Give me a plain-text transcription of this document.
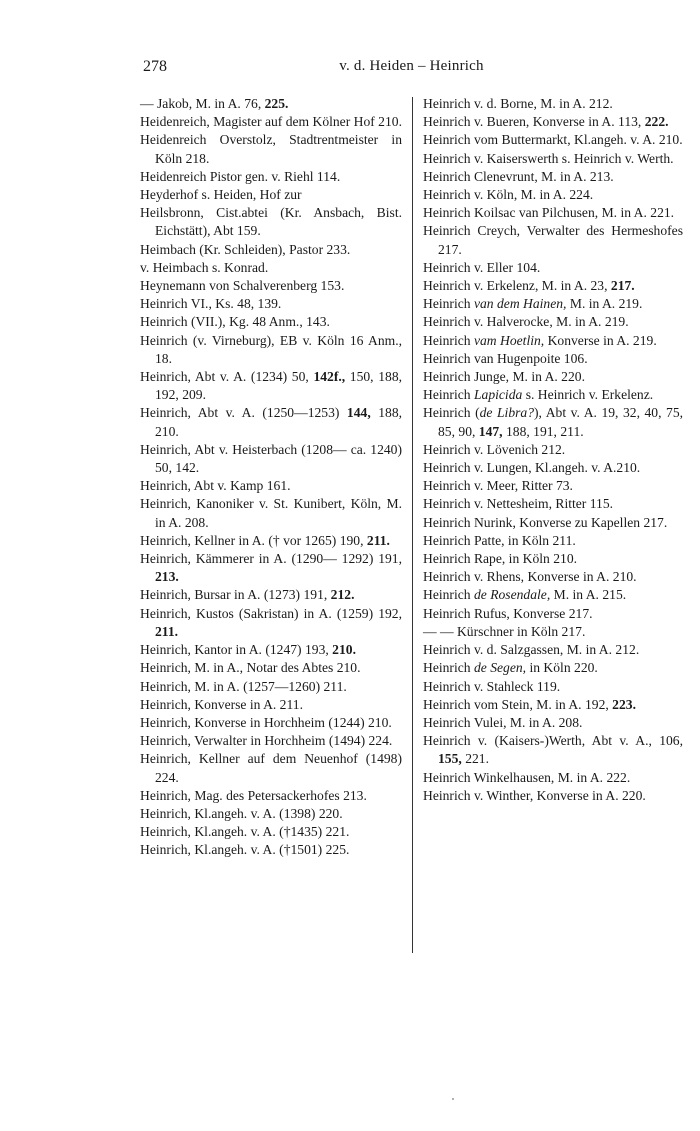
278	v. d. Heiden – Heinrich

— Jakob, M. in A. 76, 225.

Heidenreich, Magister auf dem Kölner Hof 210.

Heidenreich Overstolz, Stadtrentmeister in Köln 218.

Heidenreich Pistor gen. v. Riehl 114.

Heyderhof s. Heiden, Hof zur

Heilsbronn, Cist.abtei (Kr. Ansbach, Bist. Eichstätt), Abt 159.

Heimbach (Kr. Schleiden), Pastor 233.

v. Heimbach s. Konrad.

Heynemann von Schalverenberg 153.

Heinrich VI., Ks. 48, 139.

Heinrich (VII.), Kg. 48 Anm., 143.

Heinrich (v. Virneburg), EB v. Köln 16 Anm., 18.

Heinrich, Abt v. A. (1234) 50, 142f., 150, 188, 192, 209.

Heinrich, Abt v. A. (1250—1253) 144, 188, 210.

Heinrich, Abt v. Heisterbach (1208— ca. 1240) 50, 142.

Heinrich, Abt v. Kamp 161.

Heinrich, Kanoniker v. St. Kunibert, Köln, M. in A. 208.

Heinrich, Kellner in A. († vor 1265) 190, 211.

Heinrich, Kämmerer in A. (1290— 1292) 191, 213.

Heinrich, Bursar in A. (1273) 191, 212.

Heinrich, Kustos (Sakristan) in A. (1259) 192, 211.

Heinrich, Kantor in A. (1247) 193, 210.

Heinrich, M. in A., Notar des Abtes 210.

Heinrich, M. in A. (1257—1260) 211.

Heinrich, Konverse in A. 211.

Heinrich, Konverse in Horchheim (1244) 210.

Heinrich, Verwalter in Horchheim (1494) 224.

Heinrich, Kellner auf dem Neuenhof (1498) 224.

Heinrich, Mag. des Petersackerhofes 213.

Heinrich, Kl.angeh. v. A. (1398) 220.

Heinrich, Kl.angeh. v. A. (†1435) 221.

Heinrich, Kl.angeh. v. A. (†1501) 225.

Heinrich v. d. Borne, M. in A. 212.

Heinrich v. Bueren, Konverse in A. 113, 222.

Heinrich vom Buttermarkt, Kl.angeh. v. A. 210.

Heinrich v. Kaiserswerth s. Heinrich v. Werth.

Heinrich Clenevrunt, M. in A. 213.

Heinrich v. Köln, M. in A. 224.

Heinrich Koilsac van Pilchusen, M. in A. 221.

Heinrich Creych, Verwalter des Hermeshofes 217.

Heinrich v. Eller 104.

Heinrich v. Erkelenz, M. in A. 23, 217.

Heinrich van dem Hainen, M. in A. 219.

Heinrich v. Halverocke, M. in A. 219.

Heinrich vam Hoetlin, Konverse in A. 219.

Heinrich van Hugenpoite 106.

Heinrich Junge, M. in A. 220.

Heinrich Lapicida s. Heinrich v. Erkelenz.

Heinrich (de Libra?), Abt v. A. 19, 32, 40, 75, 85, 90, 147, 188, 191, 211.

Heinrich v. Lövenich 212.

Heinrich v. Lungen, Kl.angeh. v. A.210.

Heinrich v. Meer, Ritter 73.

Heinrich v. Nettesheim, Ritter 115.

Heinrich Nurink, Konverse zu Kapellen 217.

Heinrich Patte, in Köln 211.

Heinrich Rape, in Köln 210.

Heinrich v. Rhens, Konverse in A. 210.

Heinrich de Rosendale, M. in A. 215.

Heinrich Rufus, Konverse 217.

— — Kürschner in Köln 217.

Heinrich v. d. Salzgassen, M. in A. 212.

Heinrich de Segen, in Köln 220.

Heinrich v. Stahleck 119.

Heinrich vom Stein, M. in A. 192, 223.

Heinrich Vulei, M. in A. 208.

Heinrich v. (Kaisers-)Werth, Abt v. A., 106, 155, 221.

Heinrich Winkelhausen, M. in A. 222.

Heinrich v. Winther, Konverse in A. 220.
